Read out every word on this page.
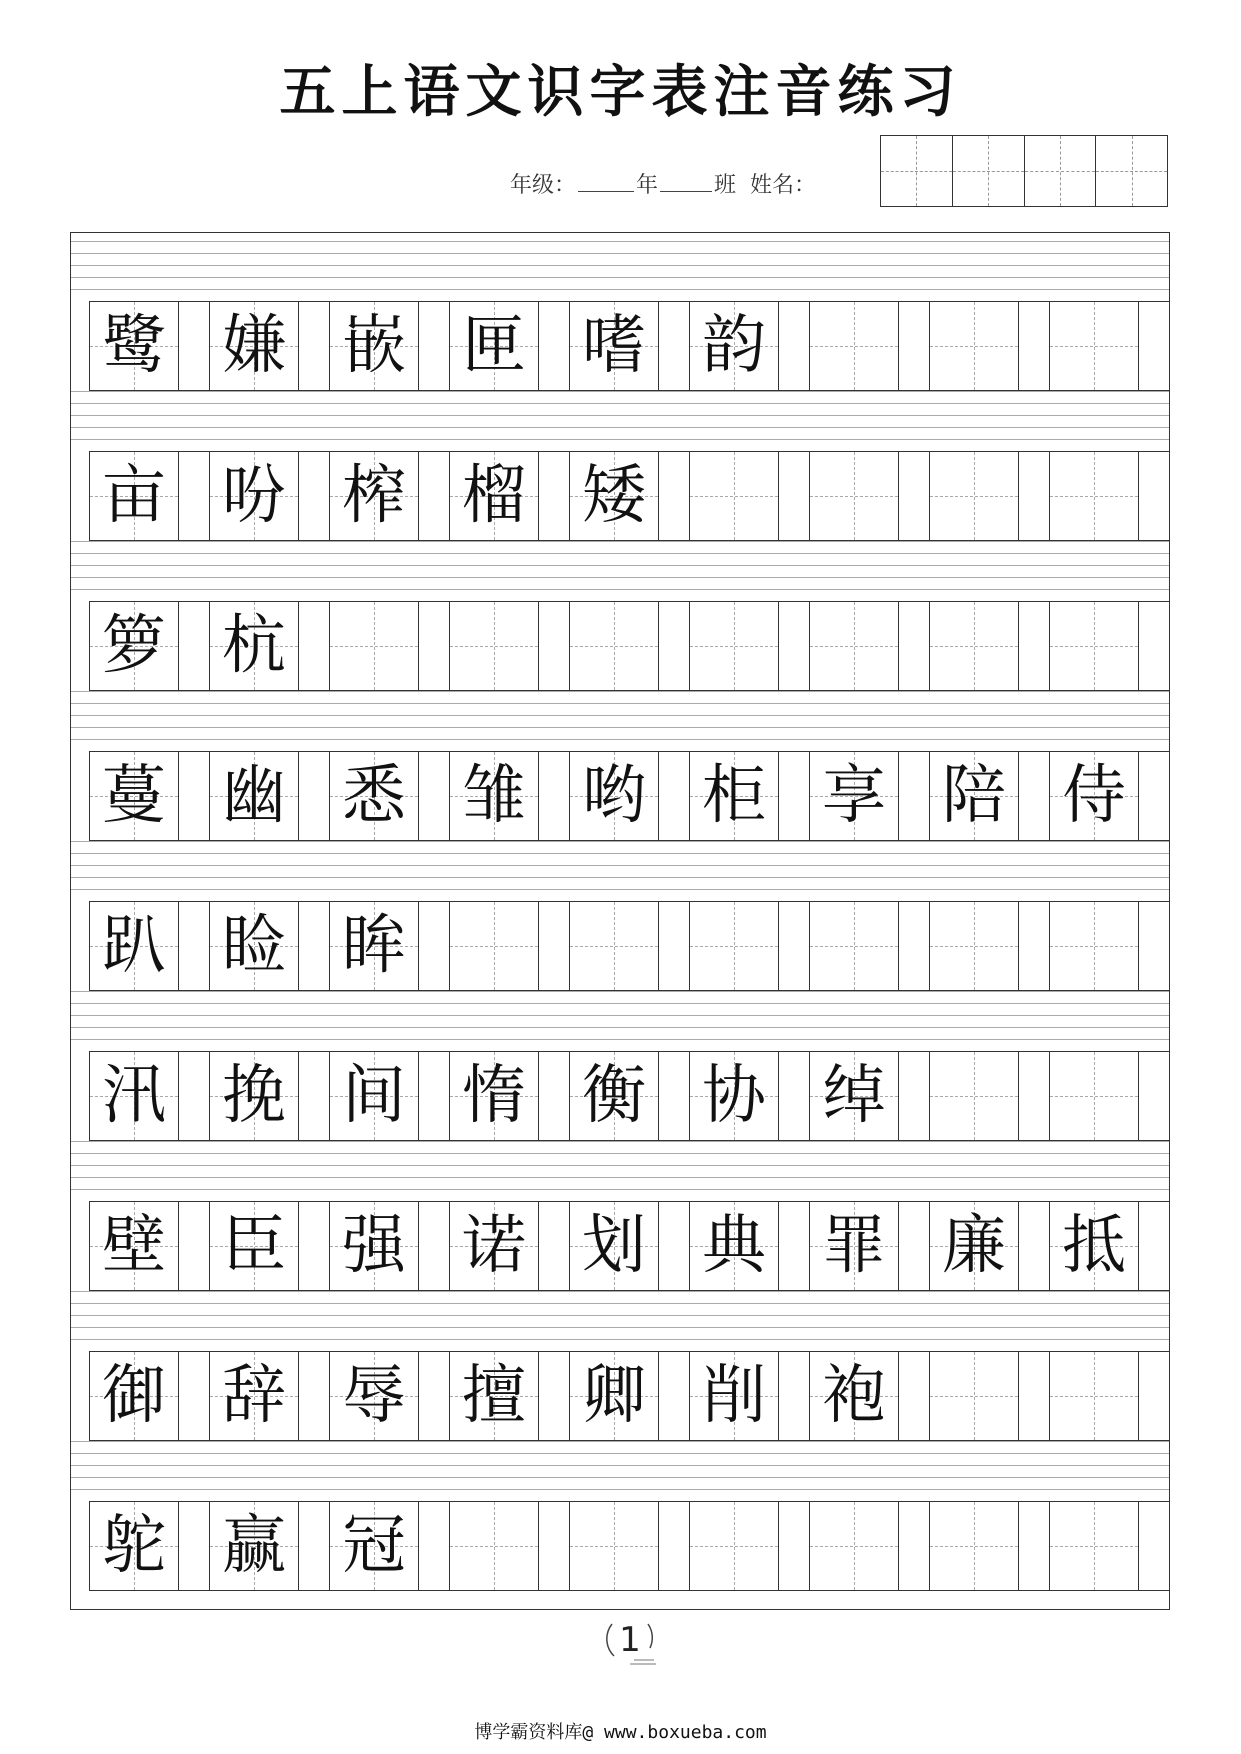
五上语文识字表注音练习
年级：	年	班 姓名：
鹭 嫌 嵌 匣 嗜 韵
亩 吩 榨 榴 矮
箩 杭
蔓 幽 悉 雏 哟 柜 享 陪 侍
趴 睑 眸
汛 挽 间 惰 衡 协 绰
壁 臣 强 诺 划 典 罪 廉 抵
御 辞 辱 擅 卿 削 袍
鸵 赢 冠
1
博学霸资料库@ www.boxueba.com
